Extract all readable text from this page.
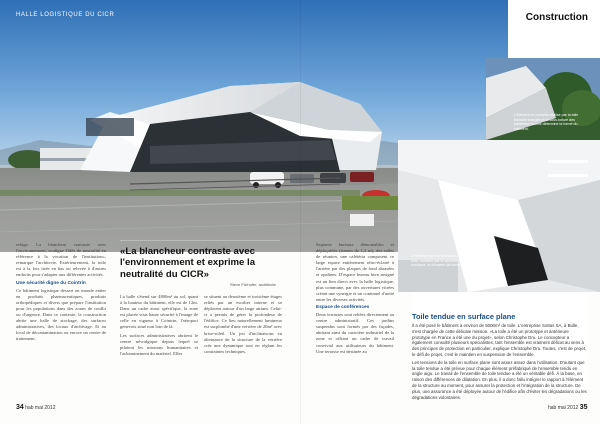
HALLE LOGISTIQUE DU CICR	Construction
L'élément en corniche réalisé par la toile blanche chargée et la sous-toiture des panneaux fournis détermine la forme du bâtiment.
L'intérieur reprend la tension de la toile, modelée par le caractère lumineux, et à travers de lumière.

refuge. La blancheur contraste avec l'environnement, souligne l'idée de neutralité en référence à la vocation de l'institution», remarque l'architecte. Extérieurement, la toile est à la fois tirée en bas ou relevée à d'autres endroits pour s'adapter aux différentes activités.

Une sécurité digne du Cointrin

Ce bâtiment logistique dessert en monde entier en produits pharmaceutiques, produits orthopédiques et divers que prépare l'institution pour les populations dans des zones de conflit ou d'urgence. Dans ce contexte, la construction abrite une halle de stockage, des surfaces administratives, des locaux d'archivage. Et au local de décontamination ou encore un centre de traitement.

«La blancheur contraste avec l'environnement et exprime la neutralité du CICR»
Steve Fürhofer, architecte

La halle s'étend sur 4800m² au sol, quant à la hauteur du bâtiment, elle est de 12m. Dans un cadre aussi spécifique, la zone est placée sous haute sécurité à l'image de celle en vigueur à Cointrin, l'aéroport genevois situé non loin de là.

Les surfaces administratives abritent le centre névralgique depuis lequel se pilotent les missions humanitaires et l'acheminement du matériel. Elles

se situent au deuxième et troisième étages reliés par un escalier interne et se déploient autour d'un large atrium. Celui-ci a permis de gérer la profondeur de l'édifice. Ce lieu naturellement lumineux est surplombé d'une verrière de 20m² avec brise-soleil. Un jeu d'inclinaisons en alternance de la structure de la verrière crée une dynamique tout en réglant les contraintes techniques.

Septante bureaux démontables et déplaçables (trames de 1,2 m), des salles de réunion, une cafétéria composent ce large espace entièrement rétro-éclairé à l'arrière par des plaques de fond abrasées et opalines. D'espace bureau bien assigné est un lien direct avec la halle logistique, plus commune, par des ouvertures vitrées créant une synergie et un continuel d'unité entre les diverses activités.

Espace de conférences

Deux terrasses sont reliées directement au centre administratif. Ces jardins suspendus sont formés par des façades, abritant ainsi du caractère industriel de la zone et offrant un cadre de travail convivial aux utilisateurs du bâtiment. Une terrasse est destinée au

Toile tendue en surface plane

Il a été posé le bâtiment à environ de 5000m² de toile. L'entreprise Sottas SA, à Bulle, s'est chargée de cette délicate mission. «La toile a été un prototype et antérieure prototype en France a été une du projet», selon Christophe Dru. Le concepteur a également consulté plusieurs spécialistes, tant l'ensemble est vraiment délicat au sens à des principes de protection en particulier, explique Christophe Dru. Toutes, c'est de projet, le défi de projet, c'est le maintien en suspension de l'ensemble.

Les tensions de la toile en surface plane sont assez assez dans l'utilisation. D'autant que la toile tendue a été prévue pour chaque élément préfabriqué de l'ensemble tendu en angle aigu. Le travail de l'ensemble de toile tendue a été un véritable défi. À la base, en raison des différences de dilatation. En plus, il a donc fallu intégrer le rapport à l'élément de la structure au moment, pour assurer la protection et l'intégration de la structure. De plus, une assurance a été déployée autour de l'édifice afin d'éviter les dégradations ou les dégradations volontaires.

34 hab mai 2012	hab mai 2012 35
